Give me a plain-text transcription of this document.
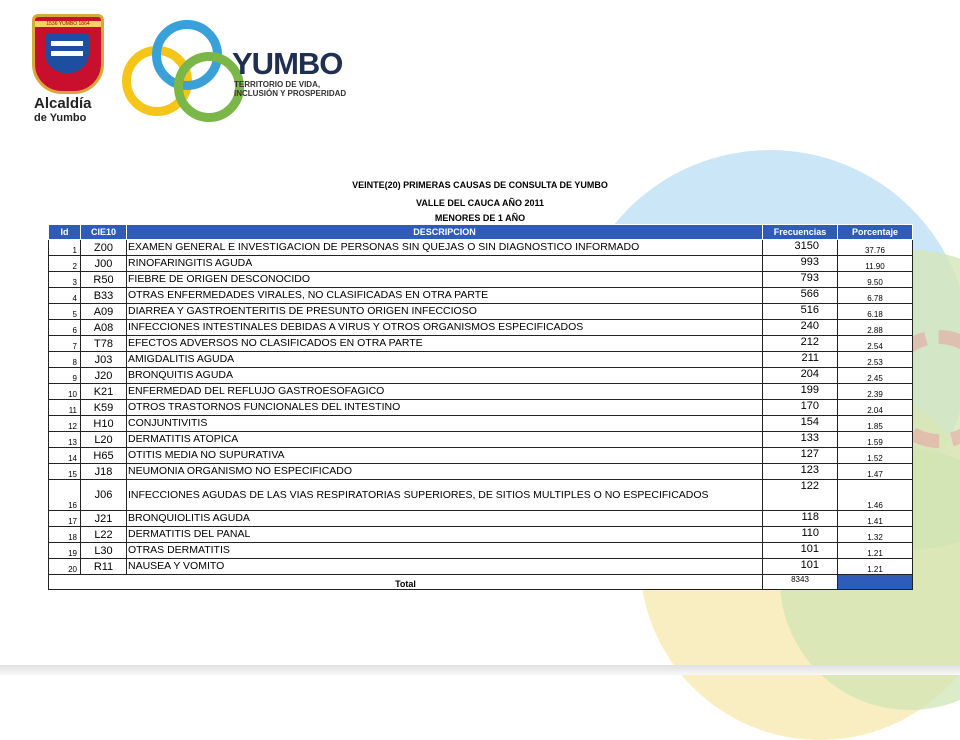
1536 YUMBO 1864
Alcaldía
de Yumbo
YUMBO
TERRITORIO DE VIDA,
INCLUSIÓN Y PROSPERIDAD
VEINTE(20) PRIMERAS CAUSAS DE CONSULTA DE YUMBO
VALLE DEL CAUCA AÑO 2011
MENORES DE 1 AÑO
Id	CIE10	DESCRIPCION	Frecuencias	Porcentaje
1	Z00	EXAMEN GENERAL E INVESTIGACION DE PERSONAS SIN QUEJAS O SIN DIAGNOSTICO INFORMADO	3150	37.76
2	J00	RINOFARINGITIS AGUDA	993	11.90
3	R50	FIEBRE DE ORIGEN DESCONOCIDO	793	9.50
4	B33	OTRAS ENFERMEDADES VIRALES, NO CLASIFICADAS EN OTRA PARTE	566	6.78
5	A09	DIARREA Y GASTROENTERITIS DE PRESUNTO ORIGEN INFECCIOSO	516	6.18
6	A08	INFECCIONES INTESTINALES DEBIDAS A VIRUS Y OTROS ORGANISMOS ESPECIFICADOS	240	2.88
7	T78	EFECTOS ADVERSOS NO CLASIFICADOS EN OTRA PARTE	212	2.54
8	J03	AMIGDALITIS AGUDA	211	2.53
9	J20	BRONQUITIS AGUDA	204	2.45
10	K21	ENFERMEDAD DEL REFLUJO GASTROESOFAGICO	199	2.39
11	K59	OTROS TRASTORNOS FUNCIONALES DEL INTESTINO	170	2.04
12	H10	CONJUNTIVITIS	154	1.85
13	L20	DERMATITIS ATOPICA	133	1.59
14	H65	OTITIS MEDIA NO SUPURATIVA	127	1.52
15	J18	NEUMONIA ORGANISMO NO ESPECIFICADO	123	1.47
16	J06	INFECCIONES AGUDAS DE LAS VIAS RESPIRATORIAS SUPERIORES, DE SITIOS MULTIPLES O NO ESPECIFICADOS	122	1.46
17	J21	BRONQUIOLITIS AGUDA	118	1.41
18	L22	DERMATITIS DEL PANAL	110	1.32
19	L30	OTRAS DERMATITIS	101	1.21
20	R11	NAUSEA Y VOMITO	101	1.21
Total			8343	
